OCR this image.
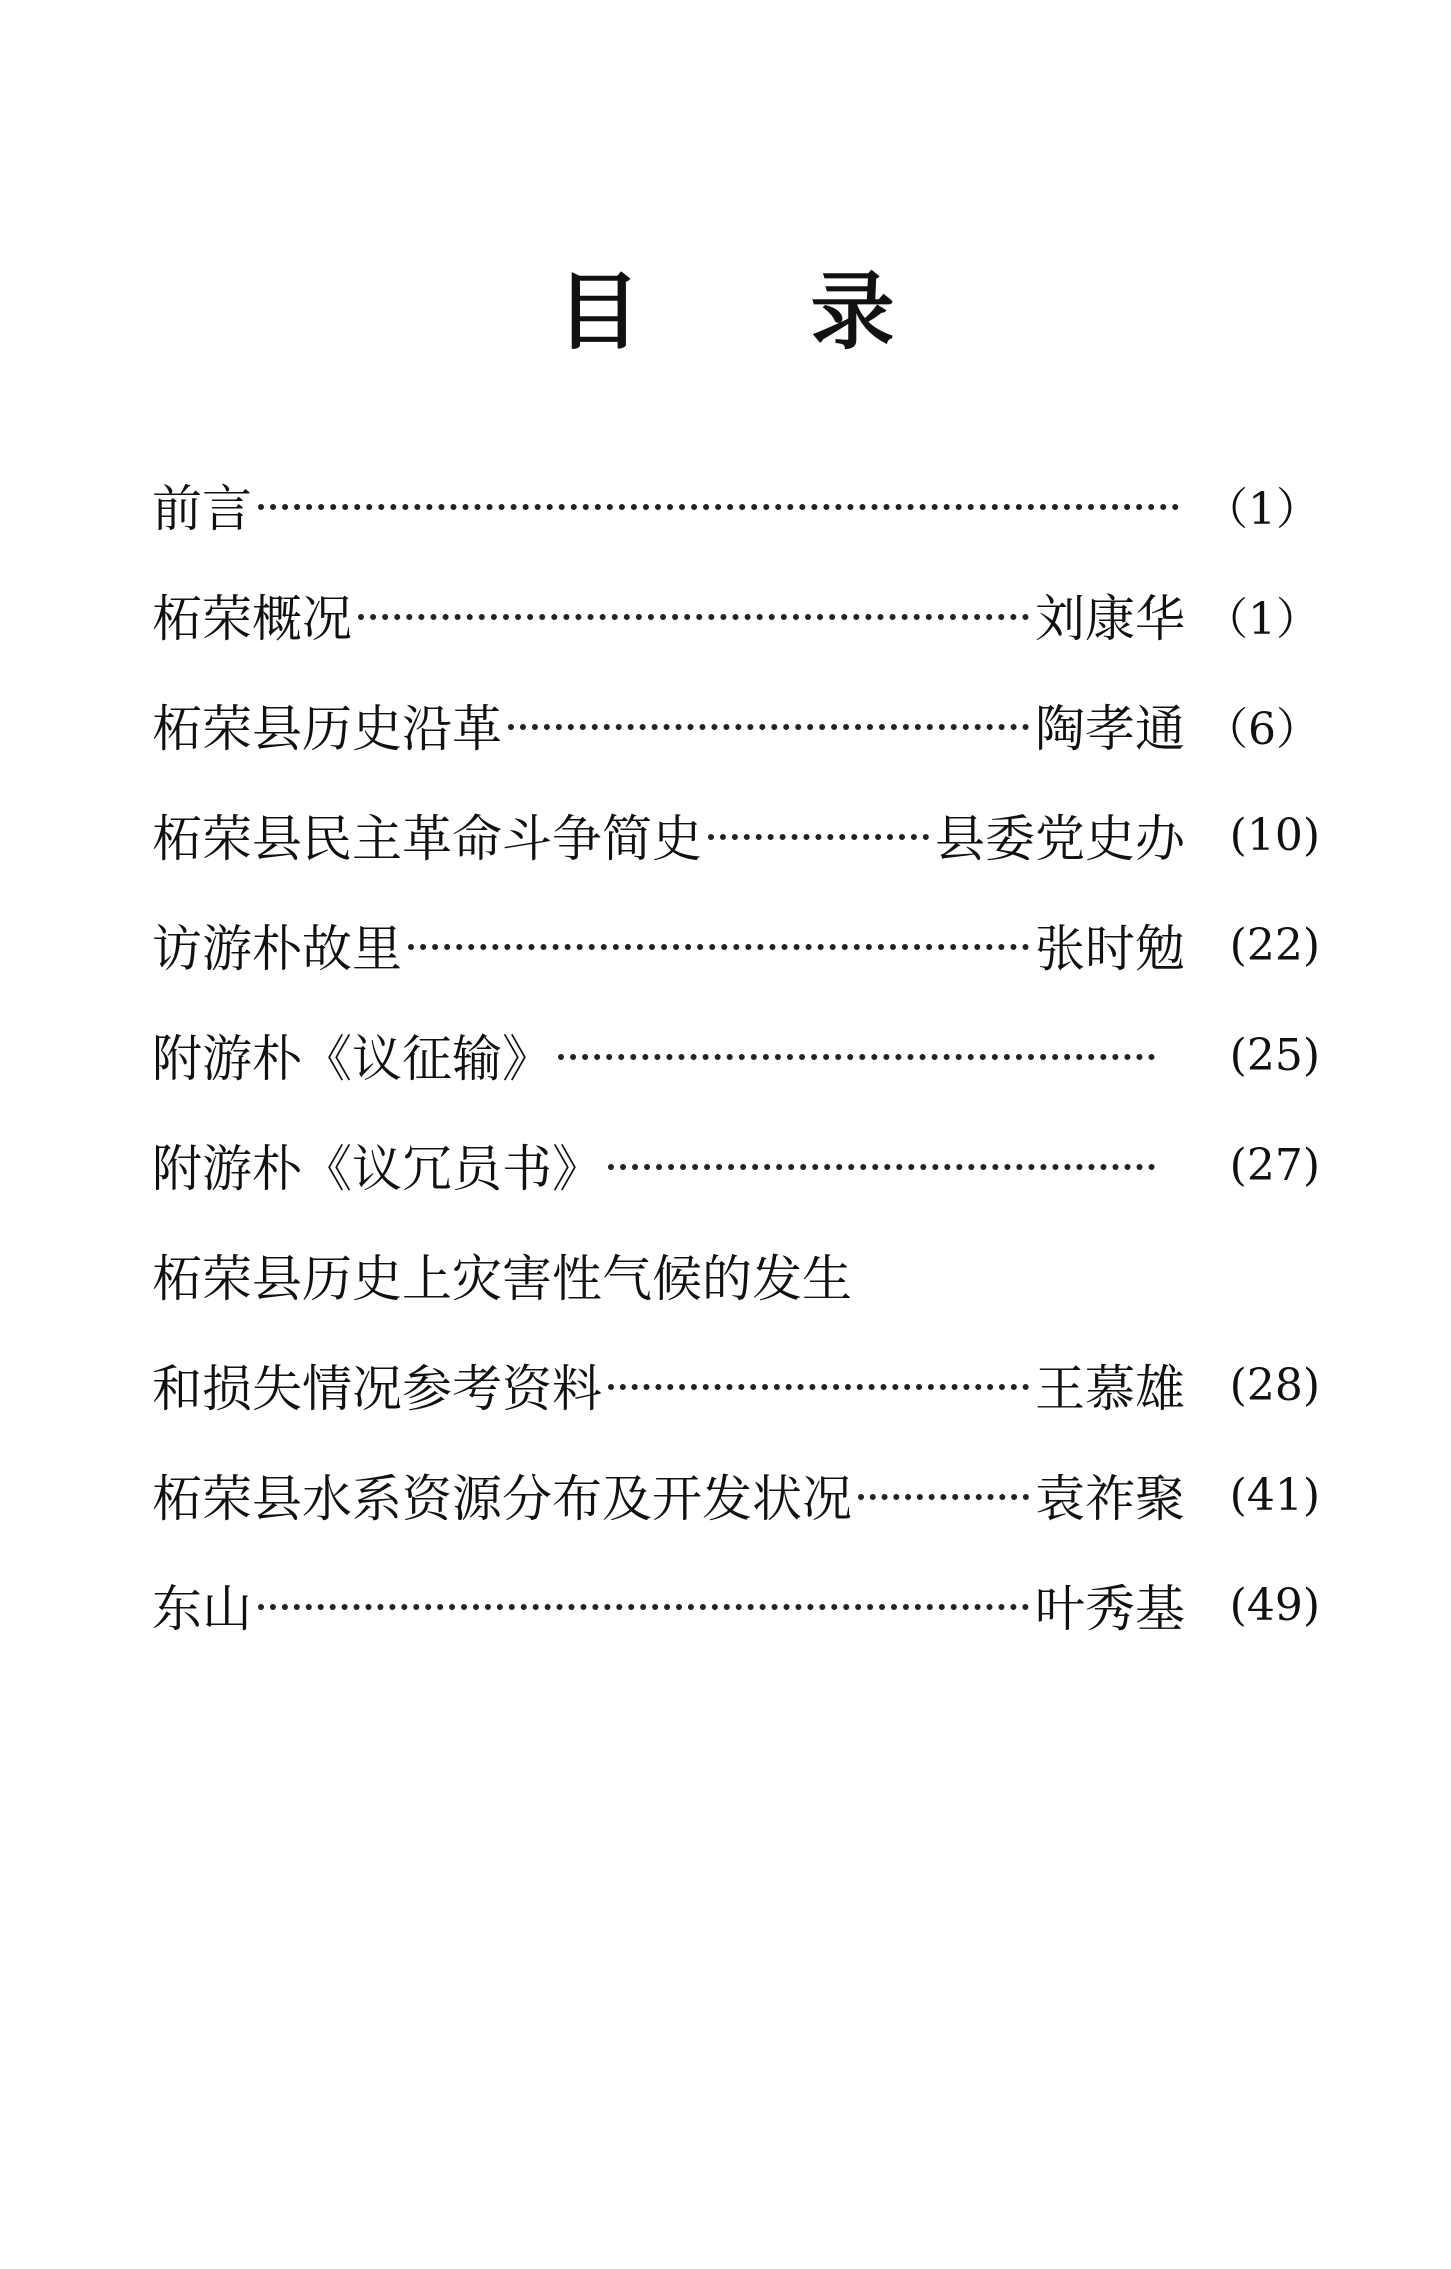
目 录
前言	（1）
柘荣概况	刘康华 （1）
柘荣县历史沿革	陶孝通 （6）
柘荣县民主革命斗争简史	县委党史办	(10)
访游朴故里	张时勉	(22)
附游朴《议征输》	(25)
附游朴《议冗员书》	(27)
柘荣县历史上灾害性气候的发生
和损失情况参考资料	王慕雄	(28)
柘荣县水系资源分布及开发状况	袁祚聚	(41)
东山	叶秀基	(49)
